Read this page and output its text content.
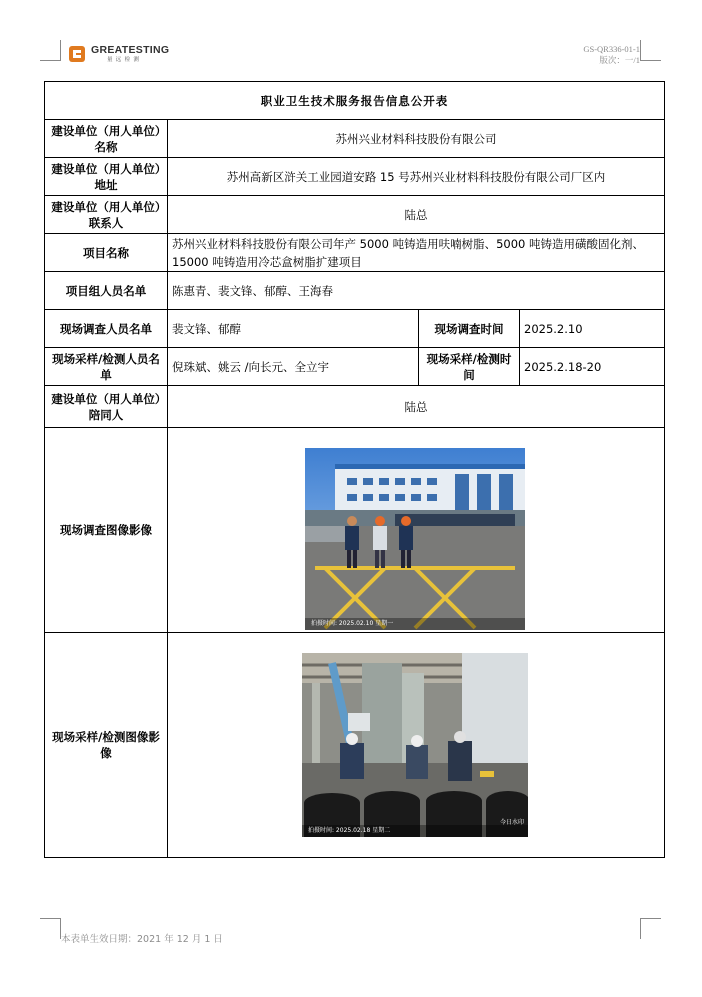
GREATESTING
量远检测
GS-QR336-01-1
版次：一/1
职业卫生技术服务报告信息公开表			
建设单位（用人单位）名称	苏州兴业材料科技股份有限公司		
建设单位（用人单位）地址	苏州高新区浒关工业园道安路 15 号苏州兴业材料科技股份有限公司厂区内		
建设单位（用人单位）联系人	陆总		
项目名称	苏州兴业材料科技股份有限公司年产 5000 吨铸造用呋喃树脂、5000 吨铸造用磺酸固化剂、15000 吨铸造用冷芯盒树脂扩建项目		
项目组人员名单	陈惠青、裴文锋、郁醇、王海春		
现场调查人员名单	裴文锋、郁醇	现场调查时间	2025.2.10
现场采样/检测人员名单	倪珠斌、姚云 /向长元、全立宇	现场采样/检测时间	2025.2.18-20
建设单位（用人单位）陪同人	陆总		
现场调查图像影像	拍摄时间: 2025.02.10 星期一		

现场采样/检测图像影像	拍摄时间: 2025.02.18 星期二
今日水印		
本表单生效日期：2021 年 12 月 1 日
